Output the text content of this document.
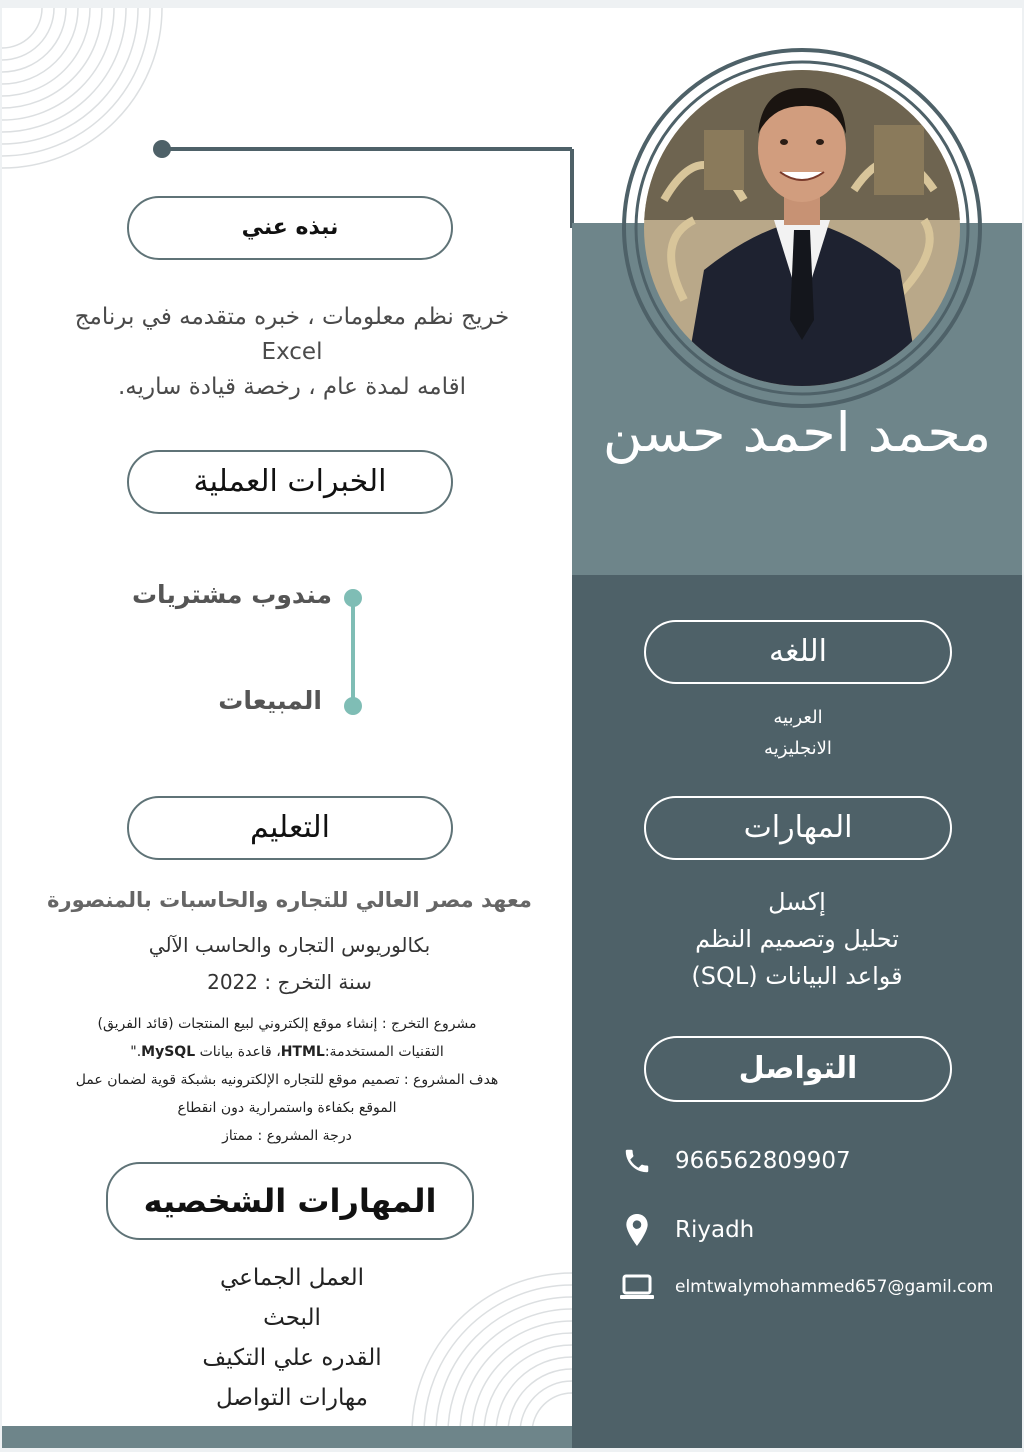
محمد احمد حسن
نبذه عني
خريج نظم معلومات ، خبره متقدمه في برنامج
Excel
اقامه لمدة عام ، رخصة قيادة ساريه.
الخبرات العملية
مندوب مشتريات
المبيعات
التعليم
معهد مصر العالي للتجاره والحاسبات بالمنصورة
بكالوريوس التجاره والحاسب الآلي
سنة التخرج : 2022
مشروع التخرج : إنشاء موقع إلكتروني لبيع المنتجات (قائد الفريق)
التقنيات المستخدمة:HTML، قاعدة بيانات MySQL."
هدف المشروع : تصميم موقع للتجاره الإلكترونيه بشبكة قوية لضمان عمل
الموقع بكفاءة واستمرارية دون انقطاع
درجة المشروع : ممتاز
المهارات الشخصيه
العمل الجماعي
البحث
القدره علي التكيف
مهارات التواصل
اللغه
العربيه
الانجليزيه
المهارات
إكسل
تحليل وتصميم النظم
قواعد البيانات (SQL)
التواصل
966562809907
Riyadh
elmtwalymohammed657@gamil.com
